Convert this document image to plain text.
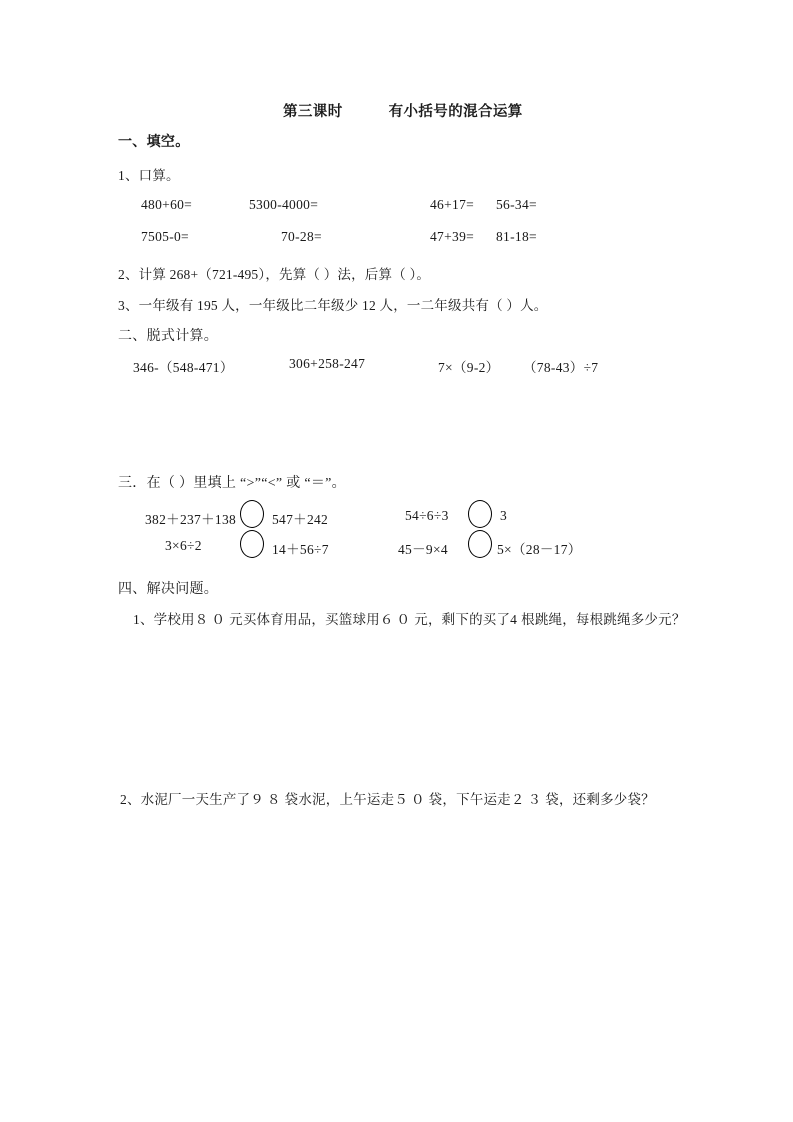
第三课时	有小括号的混合运算
一、填空。
1、口算。
480+60=	5300-4000=	46+17= 56-34=
7505-0=	70-28=	47+39= 81-18=
2、计算 268+（721-495），先算（ ）法，后算（ ）。
3、一年级有 195 人，一年级比二年级少 12 人，一二年级共有（ ）人。
二、脱式计算。
346-（548-471）	306+258-247	7×（9-2） （78-43）÷7
三．在（ ）里填上 “>”“<” 或 “＝”。
382＋237＋138	547＋242	54÷6÷3	3
3×6÷2	14＋56÷7	45－9×4	5×（28－17）
四、解决问题。
1、学校用８０元买体育用品，买篮球用６０元，剩下的买了4根跳绳，每根跳绳多少元？
2、水泥厂一天生产了９８袋水泥，上午运走５０袋，下午运走２３袋，还剩多少袋？
